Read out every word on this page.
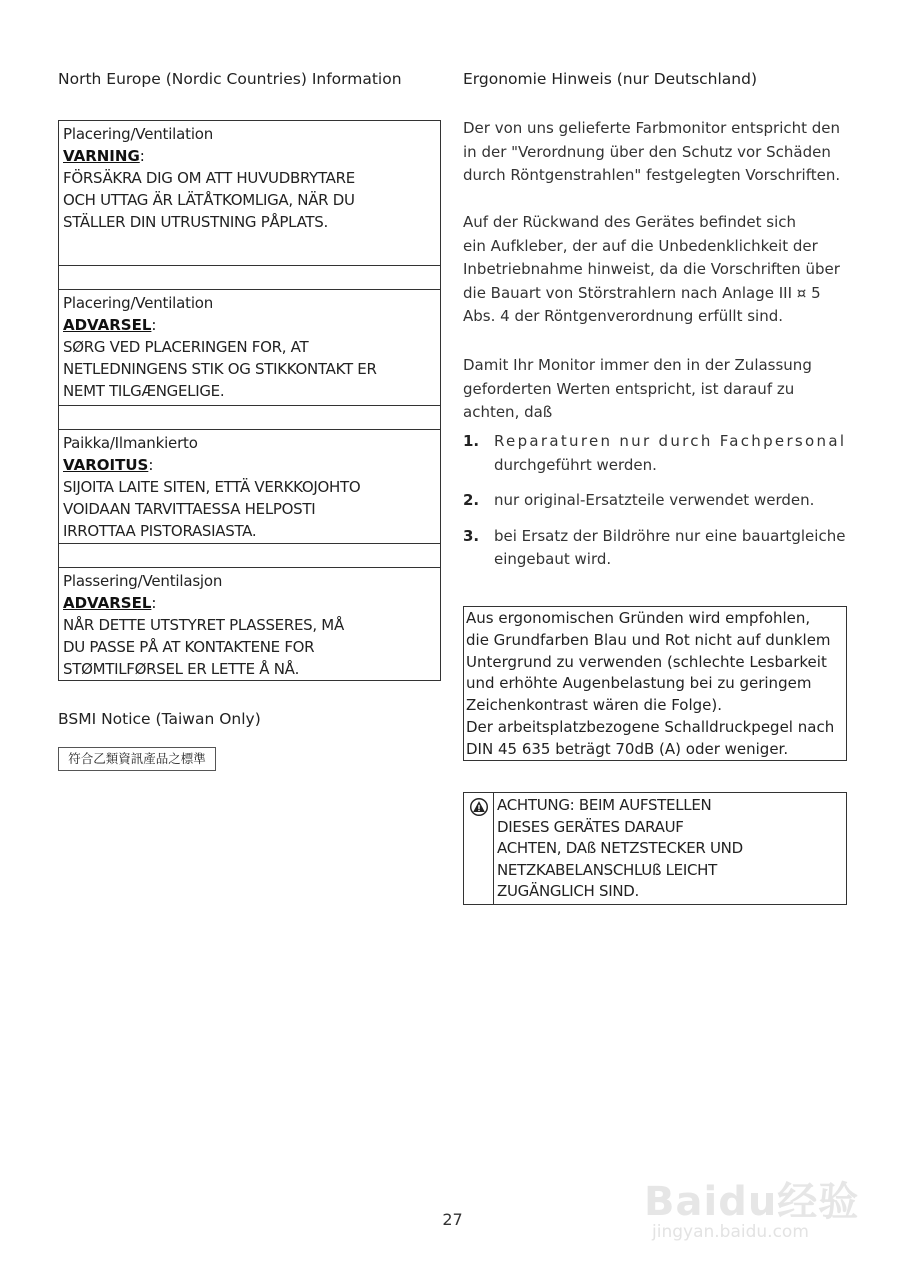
North Europe (Nordic Countries) Information
Placering/Ventilation
VARNING:
FÖRSÄKRA DIG OM ATT HUVUDBRYTARE
OCH UTTAG ÄR LÄTÅTKOMLIGA, NÄR DU
STÄLLER DIN UTRUSTNING PÅPLATS.
Placering/Ventilation
ADVARSEL:
SØRG VED PLACERINGEN FOR, AT
NETLEDNINGENS STIK OG STIKKONTAKT ER
NEMT TILGÆNGELIGE.
Paikka/Ilmankierto
VAROITUS:
SIJOITA LAITE SITEN, ETTÄ VERKKOJOHTO
VOIDAAN TARVITTAESSA HELPOSTI
IRROTTAA PISTORASIASTA.
Plassering/Ventilasjon
ADVARSEL:
NÅR DETTE UTSTYRET PLASSERES, MÅ
DU PASSE PÅ AT KONTAKTENE FOR
STØMTILFØRSEL ER LETTE Å NÅ.
BSMI Notice (Taiwan Only)
符合乙類資訊產品之標準
Ergonomie Hinweis (nur Deutschland)
Der von uns gelieferte Farbmonitor entspricht den
in der "Verordnung über den Schutz vor Schäden
durch Röntgenstrahlen" festgelegten Vorschriften.
Auf der Rückwand des Gerätes befindet sich
ein Aufkleber, der auf die Unbedenklichkeit der
Inbetriebnahme hinweist, da die Vorschriften über
die Bauart von Störstrahlern nach Anlage III ¤ 5
Abs. 4 der Röntgenverordnung erfüllt sind.
Damit Ihr Monitor immer den in der Zulassung
geforderten Werten entspricht, ist darauf zu
achten, daß
1. Reparaturen nur durch Fachpersonal
durchgeführt werden.
2. nur original-Ersatzteile verwendet werden.
3. bei Ersatz der Bildröhre nur eine bauartgleiche
eingebaut wird.
Aus ergonomischen Gründen wird empfohlen,
die Grundfarben Blau und Rot nicht auf dunklem
Untergrund zu verwenden (schlechte Lesbarkeit
und erhöhte Augenbelastung bei zu geringem
Zeichenkontrast wären die Folge).
Der arbeitsplatzbezogene Schalldruckpegel nach
DIN 45 635 beträgt 70dB (A) oder weniger.
ACHTUNG: BEIM AUFSTELLEN
DIESES GERÄTES DARAUF
ACHTEN, DAß NETZSTECKER UND
NETZKABELANSCHLUß LEICHT
ZUGÄNGLICH SIND.
27	Baidu经验
jingyan.baidu.com
